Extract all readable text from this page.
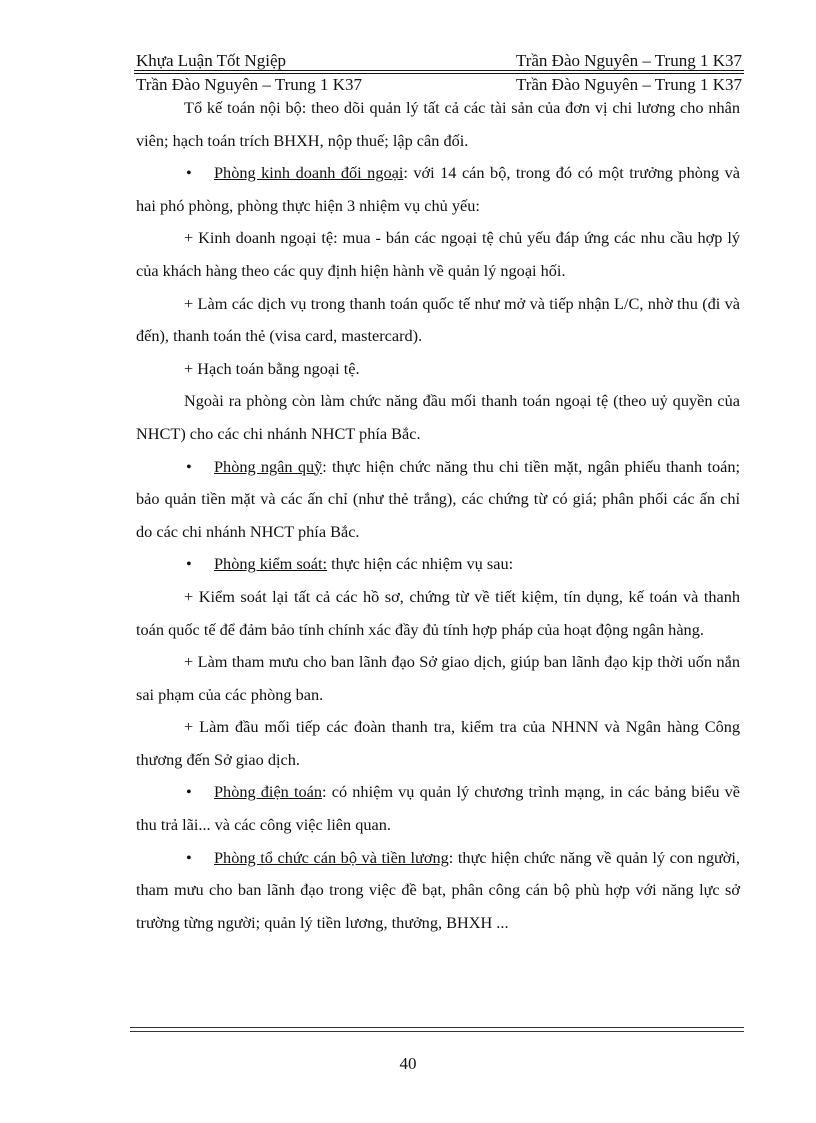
Khựa Luận Tốt Ngiệp	Trần Đào Nguyên – Trung 1 K37
Trần Đào Nguyên – Trung 1 K37	Trần Đào Nguyên – Trung 1 K37

Tổ kế toán nội bộ: theo dõi quản lý tất cả các tài sản của đơn vị chi lương cho nhân viên; hạch toán trích BHXH, nộp thuế; lập cân đối.

• Phòng kinh doanh đối ngoại: với 14 cán bộ, trong đó có một trưởng phòng và hai phó phòng, phòng thực hiện 3 nhiệm vụ chủ yếu:

+ Kinh doanh ngoại tệ: mua - bán các ngoại tệ chủ yếu đáp ứng các nhu cầu hợp lý của khách hàng theo các quy định hiện hành về quản lý ngoại hối.

+ Làm các dịch vụ trong thanh toán quốc tế như mở và tiếp nhận L/C, nhờ thu (đi và đến), thanh toán thẻ (visa card, mastercard).

+ Hạch toán bằng ngoại tệ.

Ngoài ra phòng còn làm chức năng đầu mối thanh toán ngoại tệ (theo uỷ quyền của NHCT) cho các chi nhánh NHCT phía Bắc.

• Phòng ngân quỹ: thực hiện chức năng thu chi tiền mặt, ngân phiếu thanh toán; bảo quản tiền mặt và các ấn chỉ (như thẻ trắng), các chứng từ có giá; phân phối các ấn chỉ do các chi nhánh NHCT phía Bắc.

• Phòng kiểm soát: thực hiện các nhiệm vụ sau:

+ Kiểm soát lại tất cả các hồ sơ, chứng từ về tiết kiệm, tín dụng, kế toán và thanh toán quốc tế để đảm bảo tính chính xác đầy đủ tính hợp pháp của hoạt động ngân hàng.

+ Làm tham mưu cho ban lãnh đạo Sở giao dịch, giúp ban lãnh đạo kịp thời uốn nắn sai phạm của các phòng ban.

+ Làm đầu mối tiếp các đoàn thanh tra, kiểm tra của NHNN và Ngân hàng Công thương đến Sở giao dịch.

• Phòng điện toán: có nhiệm vụ quản lý chương trình mạng, in các bảng biểu về thu trả lãi... và các công việc liên quan.

• Phòng tổ chức cán bộ và tiền lương: thực hiện chức năng về quản lý con người, tham mưu cho ban lãnh đạo trong việc đề bạt, phân công cán bộ phù hợp với năng lực sở trường từng người; quản lý tiền lương, thưởng, BHXH ...

40
